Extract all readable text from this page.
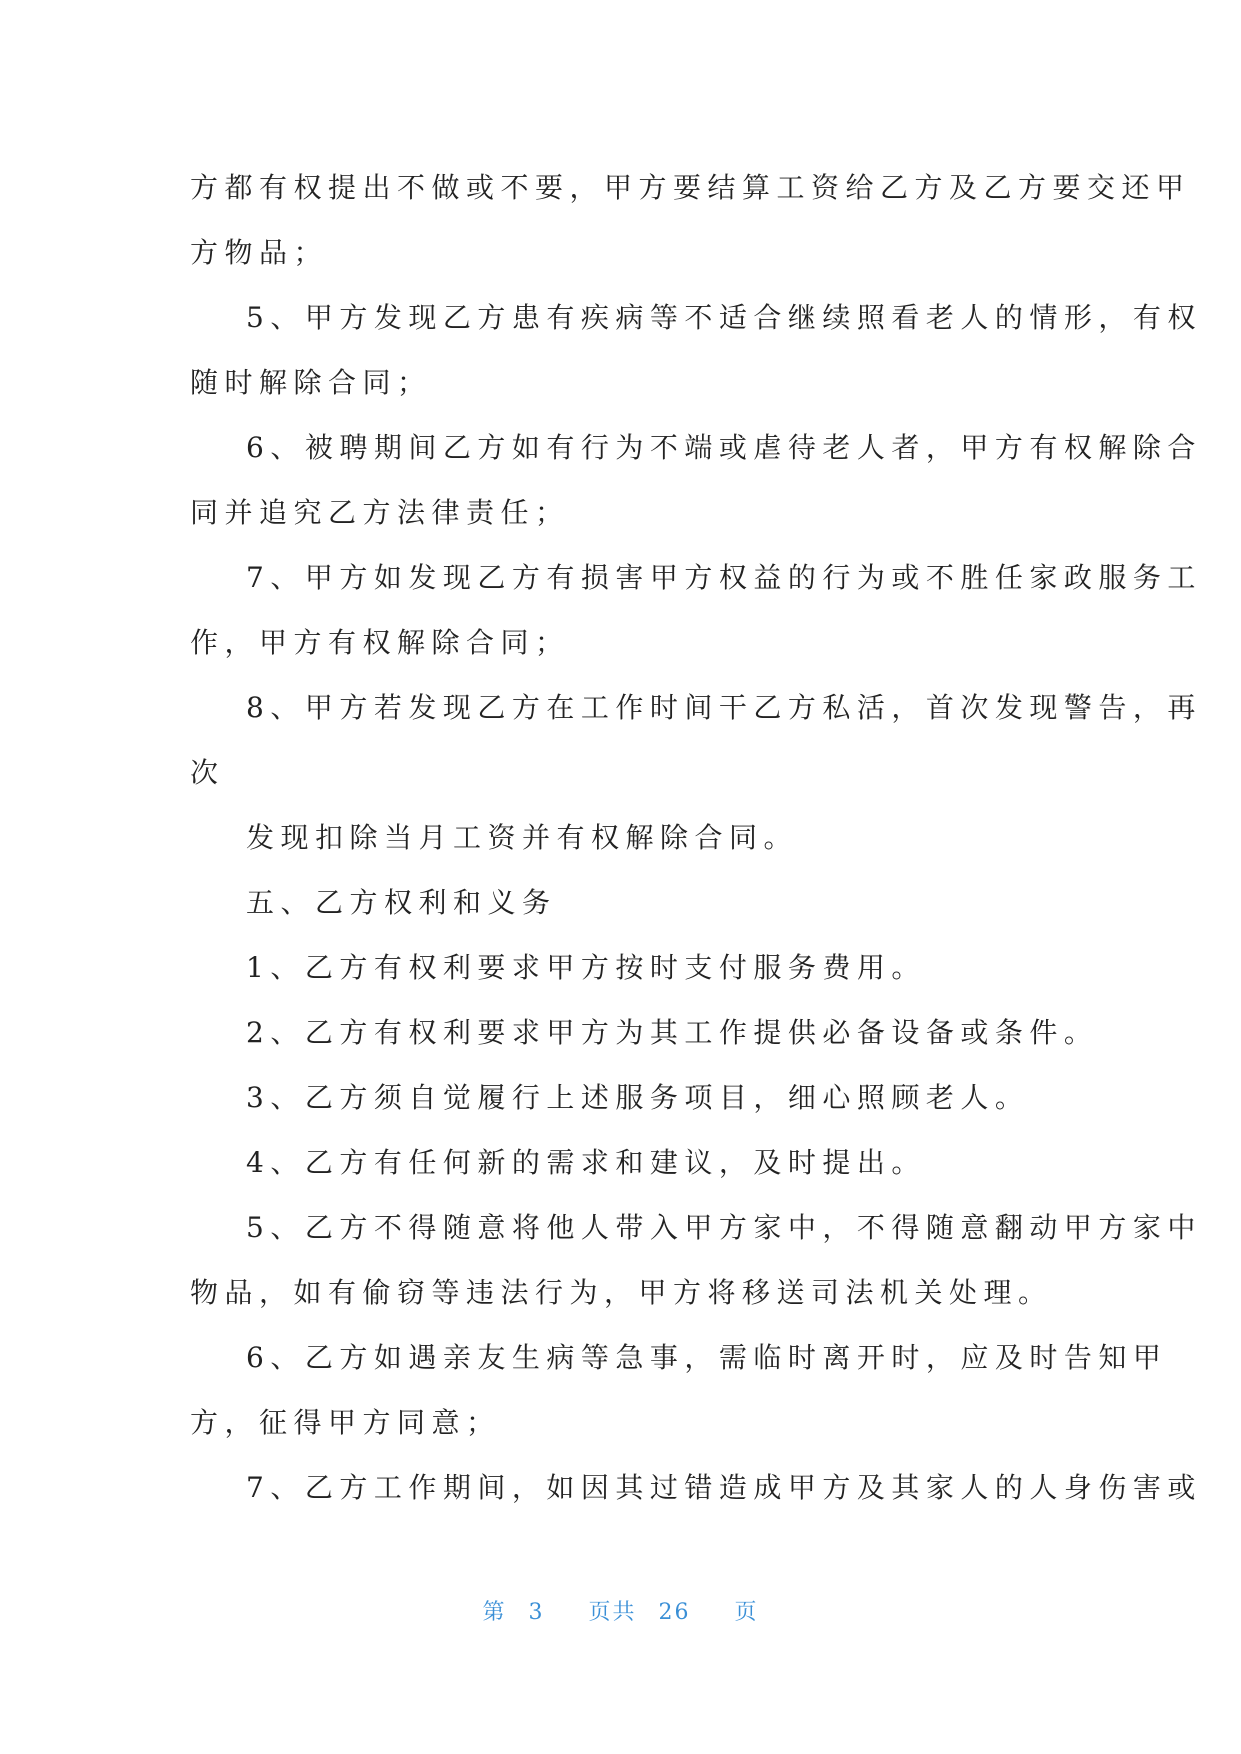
方都有权提出不做或不要，甲方要结算工资给乙方及乙方要交还甲
方物品；
5、甲方发现乙方患有疾病等不适合继续照看老人的情形，有权
随时解除合同；
6、被聘期间乙方如有行为不端或虐待老人者，甲方有权解除合
同并追究乙方法律责任；
7、甲方如发现乙方有损害甲方权益的行为或不胜任家政服务工
作，甲方有权解除合同；
8、甲方若发现乙方在工作时间干乙方私活，首次发现警告，再
次
发现扣除当月工资并有权解除合同。
五、乙方权利和义务
1、乙方有权利要求甲方按时支付服务费用。
2、乙方有权利要求甲方为其工作提供必备设备或条件。
3、乙方须自觉履行上述服务项目，细心照顾老人。
4、乙方有任何新的需求和建议，及时提出。
5、乙方不得随意将他人带入甲方家中，不得随意翻动甲方家中
物品，如有偷窃等违法行为，甲方将移送司法机关处理。
6、乙方如遇亲友生病等急事，需临时离开时，应及时告知甲
方，征得甲方同意；
7、乙方工作期间，如因其过错造成甲方及其家人的人身伤害或
第 3 页共 26 页
